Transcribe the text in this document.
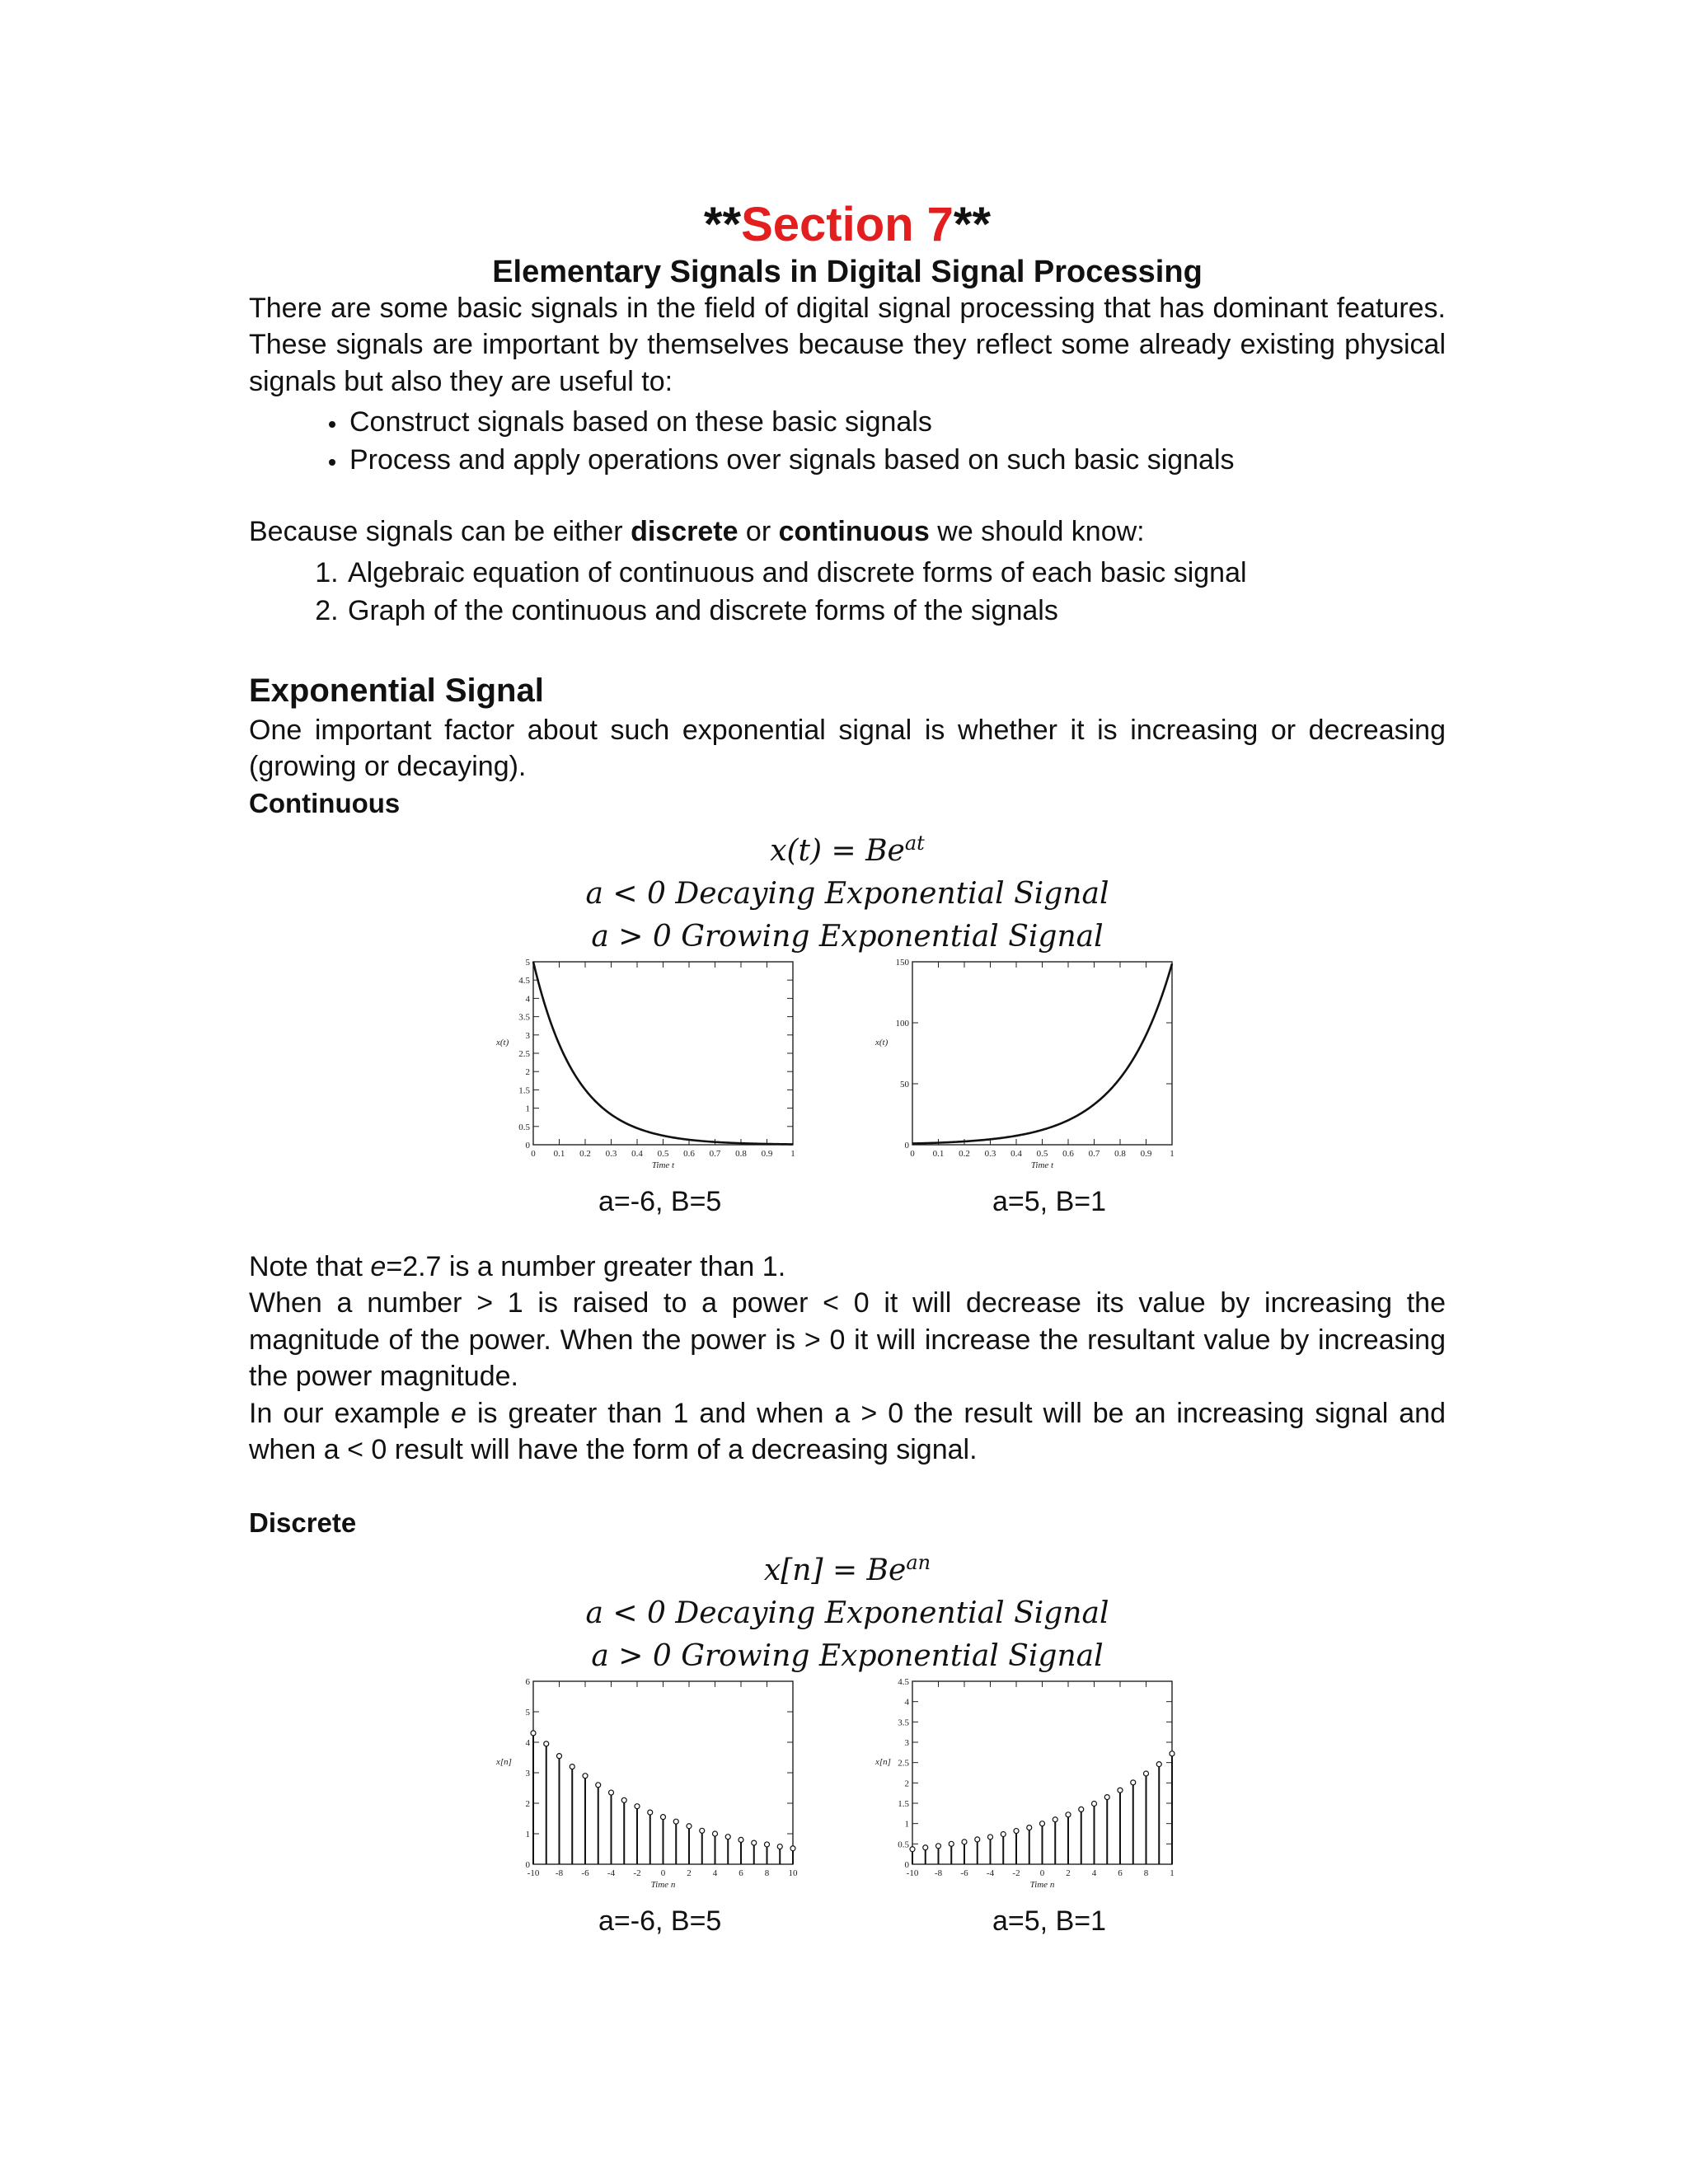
**Section 7**
Elementary Signals in Digital Signal Processing

There are some basic signals in the field of digital signal processing that has dominant features. These signals are important by themselves because they reflect some already existing physical signals but also they are useful to:

• Construct signals based on these basic signals
• Process and apply operations over signals based on such basic signals

Because signals can be either discrete or continuous we should know:

1. Algebraic equation of continuous and discrete forms of each basic signal
2. Graph of the continuous and discrete forms of the signals
Exponential Signal

One important factor about such exponential signal is whether it is increasing or decreasing (growing or decaying).

Continuous
$x(t) = Be^{at}$
a < 0 Decaying Exponential Signal
a > 0 Growing Exponential Signal
0 0.1 0.2 0.3 0.4 0.5 0.6 0.7 0.8 0.9 1
0
0.5
1
1.5
2
2.5
3
3.5
4
4.5
5
Time t
x(t)
0 0.1 0.2 0.3 0.4 0.5 0.6 0.7 0.8 0.9 1
0
50
100
150
Time t
x(t)
a=-6, B=5	a=5, B=1

Note that e=2.7 is a number greater than 1.

When a number > 1 is raised to a power < 0 it will decrease its value by increasing the magnitude of the power. When the power is > 0 it will increase the resultant value by increasing the power magnitude.

In our example e is greater than 1 and when a > 0 the result will be an increasing signal and when a < 0 result will have the form of a decreasing signal.

Discrete
$x[n] = Be^{an}$
a < 0 Decaying Exponential Signal
a > 0 Growing Exponential Signal
-10 -8 -6 -4 -2 0 2 4 6 8 10
0
1
2
3
4
5
6
Time n
x[n]
-10 -8 -6 -4 -2 0 2 4 6 8 1
0
0.5
1
1.5
2
2.5
3
3.5
4
4.5
Time n
x[n]
a=-6, B=5	a=5, B=1
